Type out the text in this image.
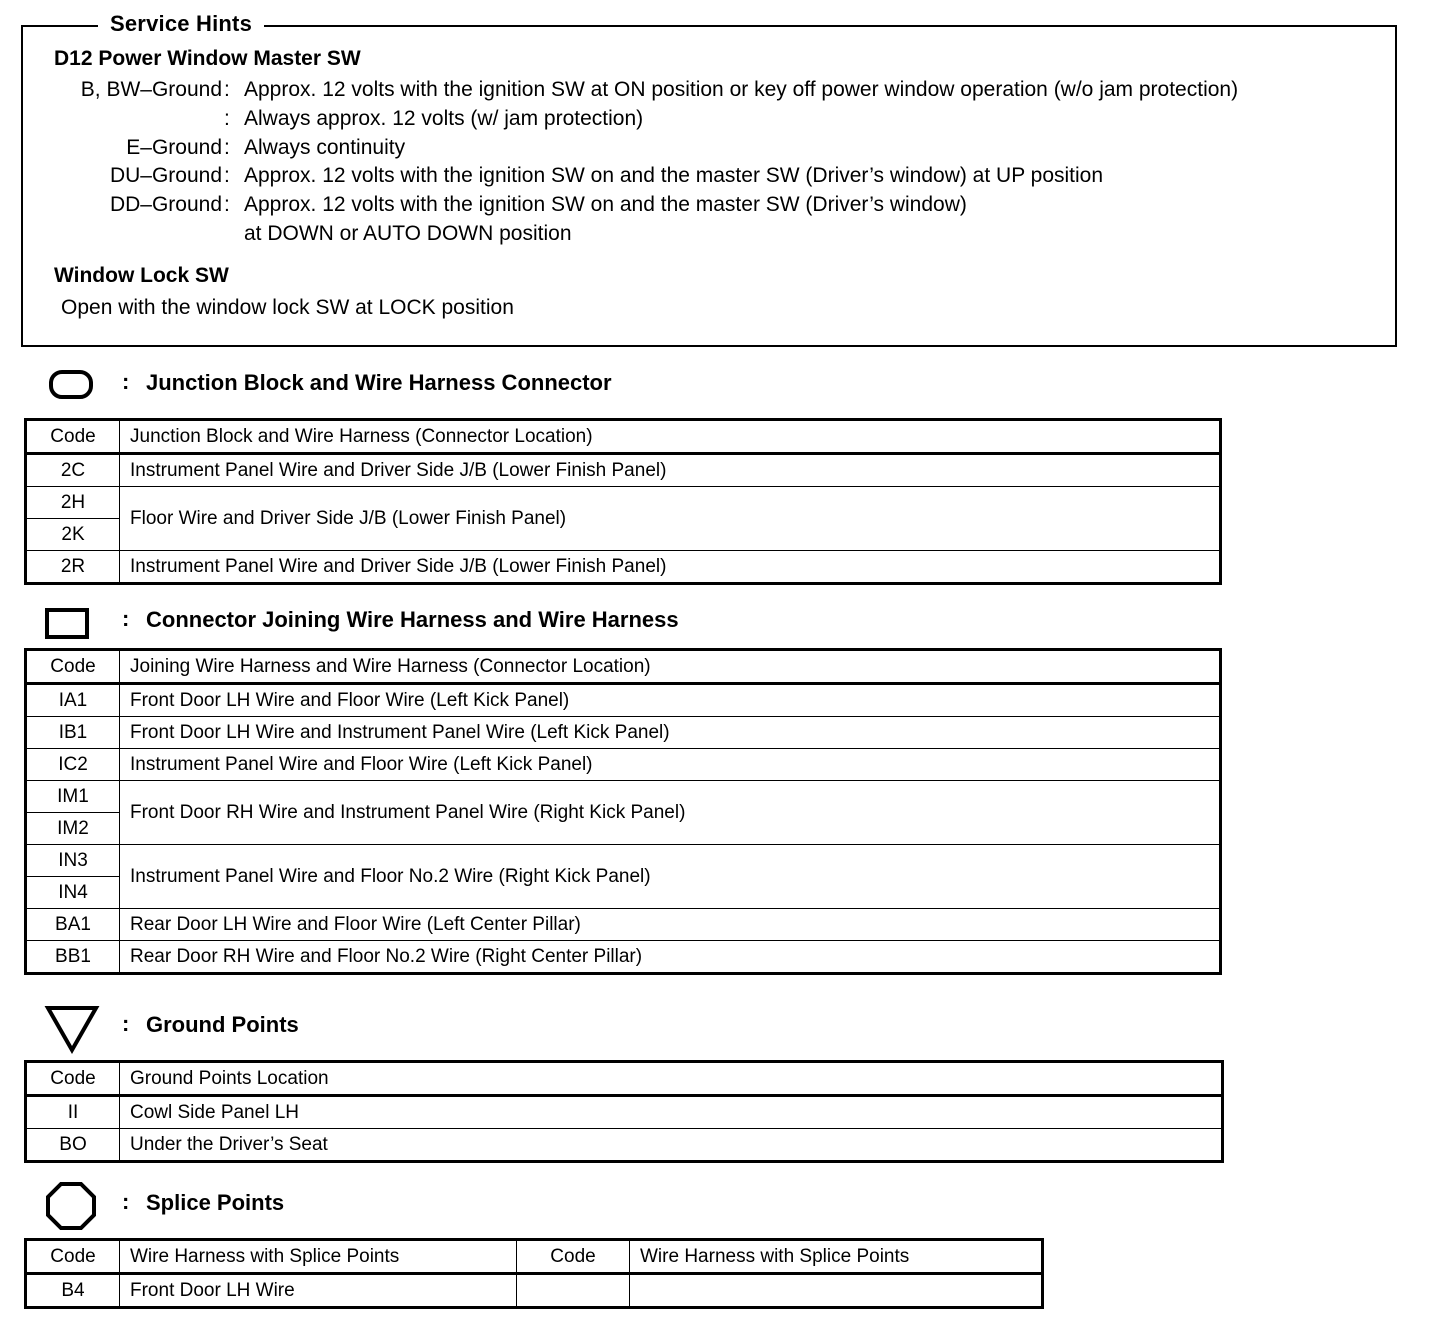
Service Hints
D12 Power Window Master SW
B, BW–Ground: Approx. 12 volts with the ignition SW at ON position or key off power window operation (w/o jam protection)
: Always approx. 12 volts (w/ jam protection)
E–Ground: Always continuity
DU–Ground: Approx. 12 volts with the ignition SW on and the master SW (Driver’s window) at UP position
DD–Ground: Approx. 12 volts with the ignition SW on and the master SW (Driver’s window)
at DOWN or AUTO DOWN position
Window Lock SW
Open with the window lock SW at LOCK position
: Junction Block and Wire Harness Connector
Code	Junction Block and Wire Harness (Connector Location)
2C	Instrument Panel Wire and Driver Side J/B (Lower Finish Panel)
2H	Floor Wire and Driver Side J/B (Lower Finish Panel)
2K	
2R	Instrument Panel Wire and Driver Side J/B (Lower Finish Panel)
: Connector Joining Wire Harness and Wire Harness
Code	Joining Wire Harness and Wire Harness (Connector Location)
IA1	Front Door LH Wire and Floor Wire (Left Kick Panel)
IB1	Front Door LH Wire and Instrument Panel Wire (Left Kick Panel)
IC2	Instrument Panel Wire and Floor Wire (Left Kick Panel)
IM1	Front Door RH Wire and Instrument Panel Wire (Right Kick Panel)
IM2	
IN3	Instrument Panel Wire and Floor No.2 Wire (Right Kick Panel)
IN4	
BA1	Rear Door LH Wire and Floor Wire (Left Center Pillar)
BB1	Rear Door RH Wire and Floor No.2 Wire (Right Center Pillar)
: Ground Points
Code	Ground Points Location
II	Cowl Side Panel LH
BO	Under the Driver’s Seat
: Splice Points
Code	Wire Harness with Splice Points	Code	Wire Harness with Splice Points
B4	Front Door LH Wire		
